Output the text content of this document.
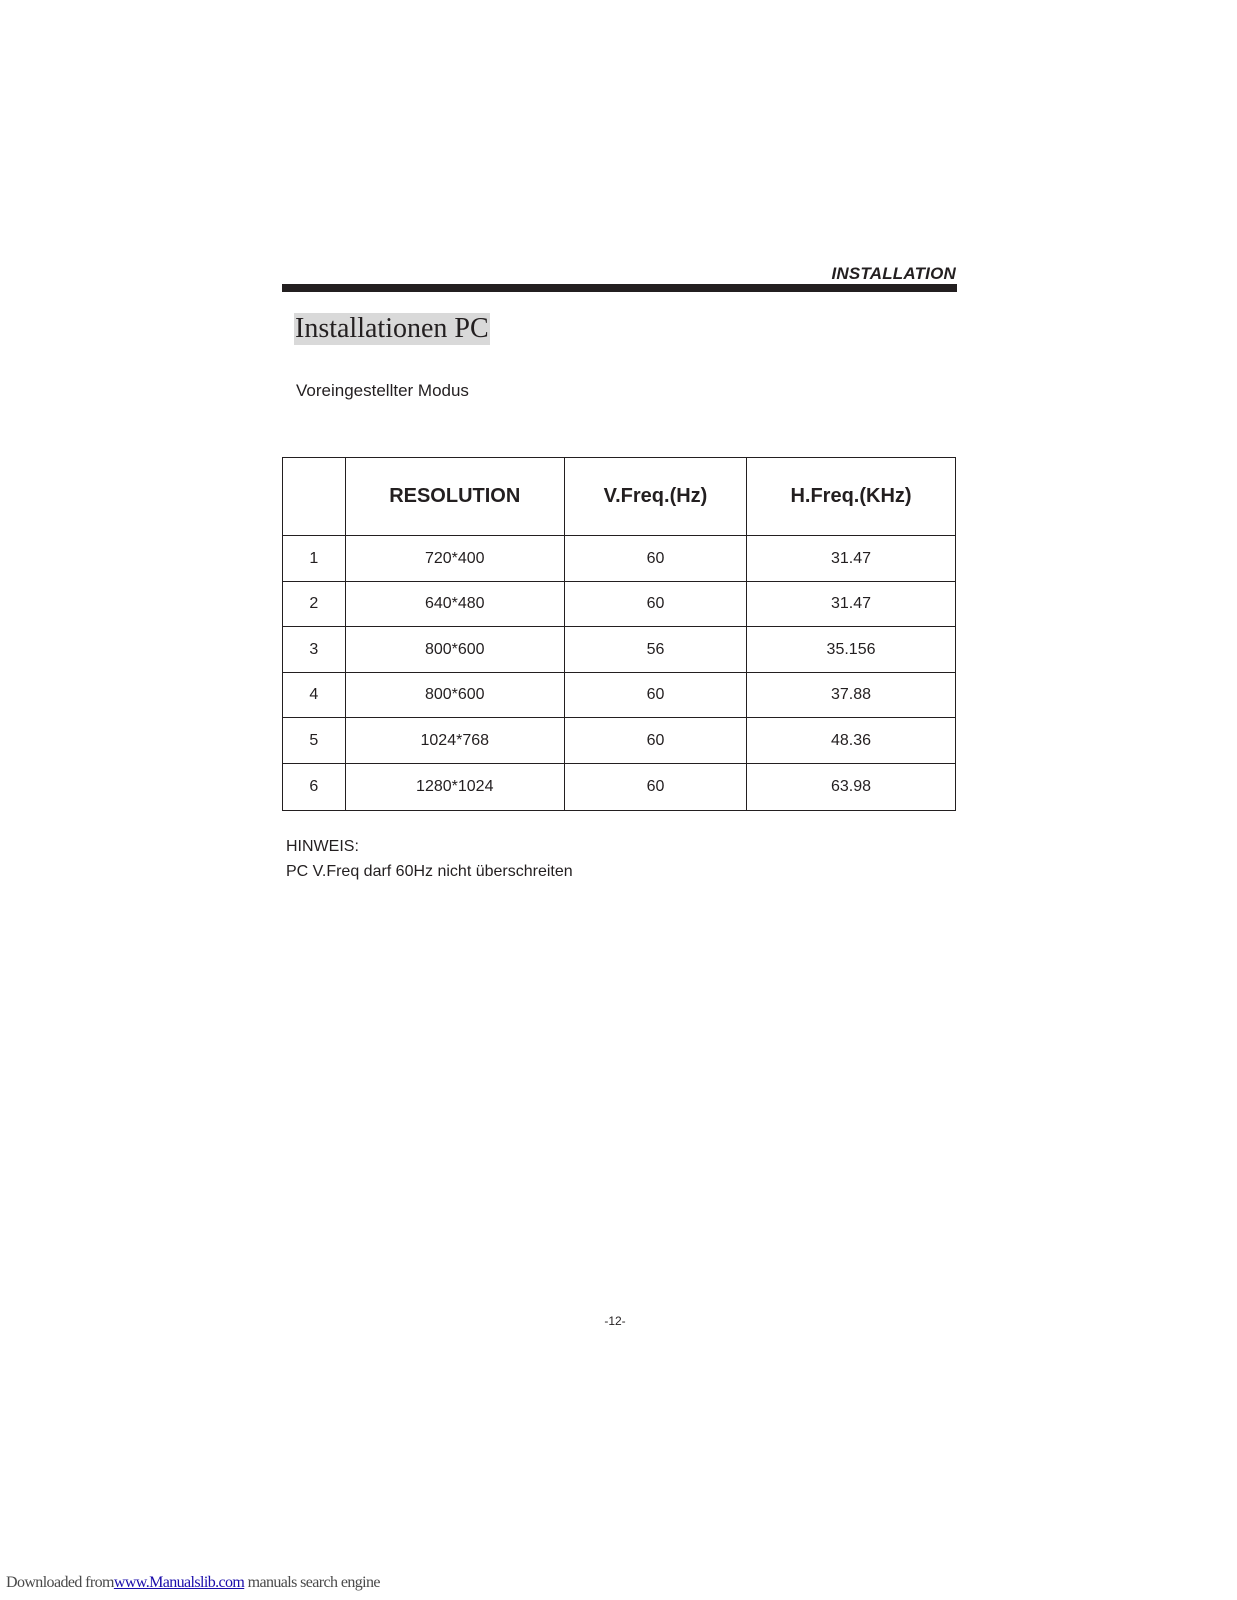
INSTALLATION
Installationen PC
Voreingestellter Modus
	RESOLUTION	V.Freq.(Hz)	H.Freq.(KHz)
1	720*400	60	31.47
2	640*480	60	31.47
3	800*600	56	35.156
4	800*600	60	37.88
5	1024*768	60	48.36
6	1280*1024	60	63.98
HINWEIS:
PC V.Freq darf 60Hz nicht überschreiten
-12-
Downloaded fromwww.Manualslib.com manuals search engine
